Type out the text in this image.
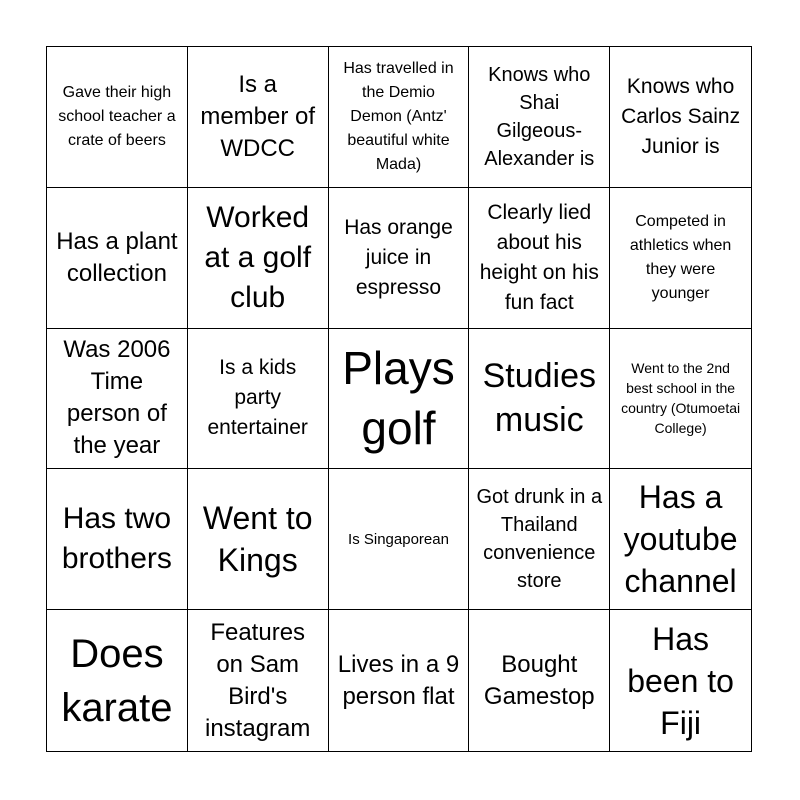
Gave their high school teacher a crate of beers
Is a member of WDCC
Has travelled in the Demio Demon (Antz' beautiful white Mada)
Knows who Shai Gilgeous-Alexander is
Knows who Carlos Sainz Junior is
Has a plant collection
Worked at a golf club
Has orange juice in espresso
Clearly lied about his height on his fun fact
Competed in athletics when they were younger
Was 2006 Time person of the year
Is a kids party entertainer
Plays golf
Studies music
Went to the 2nd best school in the country (Otumoetai College)
Has two brothers
Went to Kings
Is Singaporean
Got drunk in a Thailand convenience store
Has a youtube channel
Does karate
Features on Sam Bird's instagram
Lives in a 9 person flat
Bought Gamestop
Has been to Fiji
